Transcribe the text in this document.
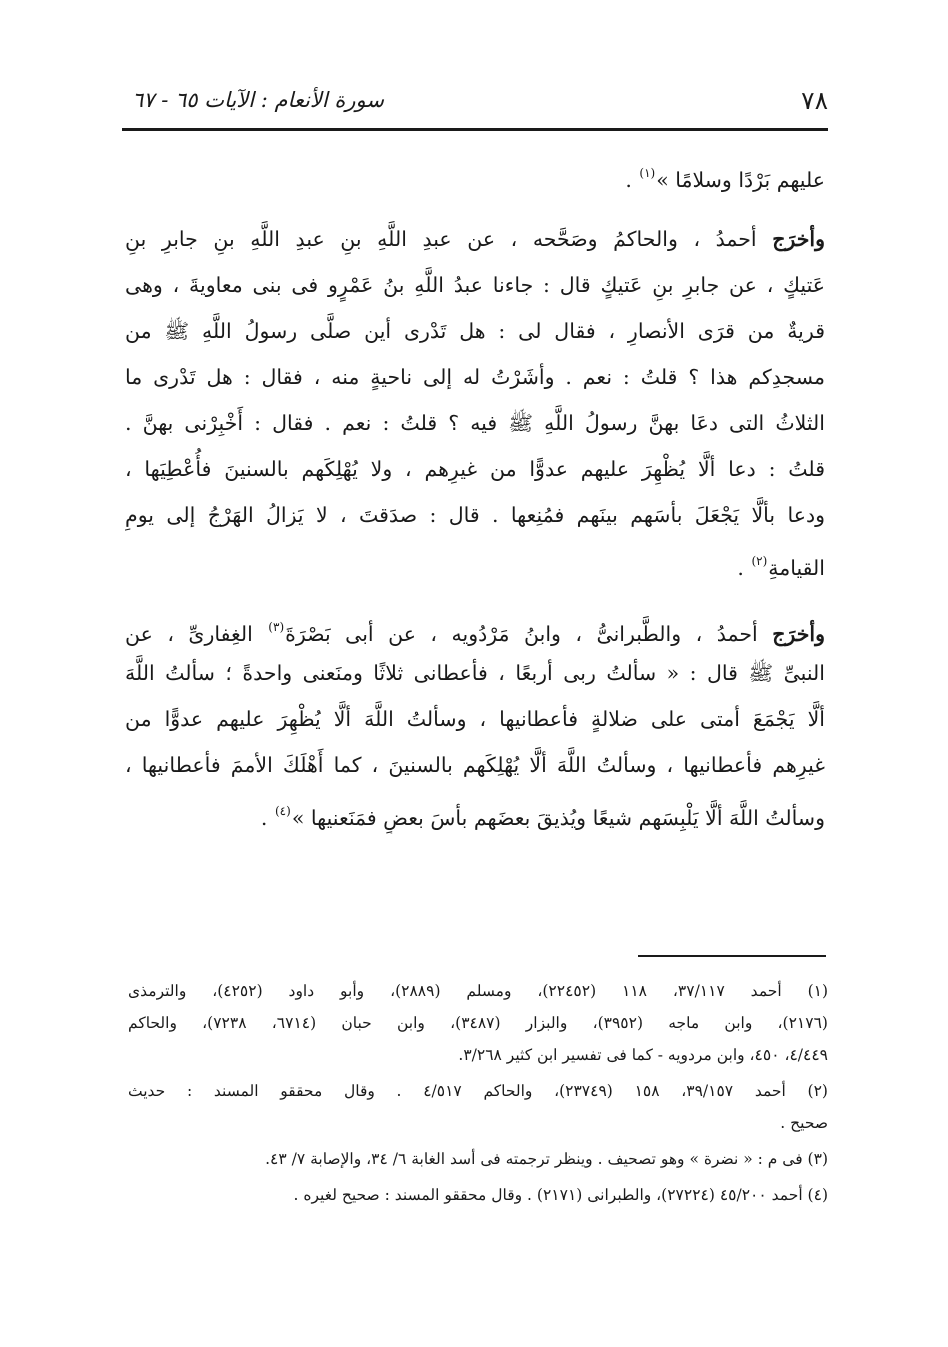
٧٨
سورة الأنعام : الآيات ٦٥ - ٦٧
عليهم بَرْدًا وسلامًا »$^{(١)}$ .
وأخرَج أحمدُ ، والحاكمُ وصَحَّحه ، عن عبدِ اللَّهِ بنِ عبدِ اللَّهِ بنِ جابرِ بنِ
عَتيكٍ ، عن جابرِ بنِ عَتيكٍ قال : جاءنا عبدُ اللَّهِ بنُ عَمْرٍو فى بنى معاويةَ ، وهى
قريةٌ من قرَى الأنصارِ ، فقال لى : هل تَدْرى أين صلَّى رسولُ اللَّهِ ﷺ من
مسجدِكم هذا ؟ قلتُ : نعم . وأشَرْتُ له إلى ناحيةٍ منه ، فقال : هل تَدْرى ما
الثلاثُ التى دعَا بهنَّ رسولُ اللَّهِ ﷺ فيه ؟ قلتُ : نعم . فقال : أَخْبِرْنى بهنَّ .
قلتُ : دعا ألَّا يُظْهِرَ عليهم عدوًّا من غيرِهم ، ولا يُهْلِكَهم بالسنينَ فأُعْطِيَها ،
ودعا بألَّا يَجْعَلَ بأسَهم بينَهم فمُنِعها . قال : صدَقتَ ، لا يَزالُ الهَرْجُ إلى يومِ
القيامةِ$^{(٢)}$ .
وأخرَج أحمدُ ، والطَّبرانىُّ ، وابنُ مَرْدُويه ، عن أبى بَصْرَةَ$^{(٣)}$ الغِفارىِّ ، عن
النبىِّ ﷺ قال : « سألتُ ربى أربعًا ، فأعطانى ثلاثًا ومنَعنى واحدةً ؛ سألتُ اللَّهَ
ألَّا يَجْمَعَ أمتى على ضلالةٍ فأعطانيها ، وسألتُ اللَّهَ ألَّا يُظْهِرَ عليهم عدوًّا من
غيرِهم فأعطانيها ، وسألتُ اللَّهَ ألَّا يُهْلِكَهم بالسنينَ ، كما أَهْلَكَ الأممَ فأعطانيها ،
وسألتُ اللَّهَ ألَّا يَلْبِسَهم شيعًا ويُذيقَ بعضَهم بأسَ بعضٍ فمَنَعنيها »$^{(٤)}$ .
(١) أحمد ٣٧/١١٧، ١١٨ (٢٢٤٥٢)، ومسلم (٢٨٨٩)، وأبو داود (٤٢٥٢)، والترمذى
(٢١٧٦)، وابن ماجه (٣٩٥٢)، والبزار (٣٤٨٧)، وابن حبان (٦٧١٤، ٧٢٣٨)، والحاكم
٤/٤٤٩، ٤٥٠، وابن مردويه - كما فى تفسير ابن كثير ٣/٢٦٨.
(٢) أحمد ٣٩/١٥٧، ١٥٨ (٢٣٧٤٩)، والحاكم ٤/٥١٧ . وقال محققو المسند : حديث
صحيح .
(٣) فى م : « نضرة » وهو تصحيف . وينظر ترجمته فى أسد الغابة ٦/ ٣٤، والإصابة ٧/ ٤٣.
(٤) أحمد ٤٥/٢٠٠ (٢٧٢٢٤)، والطبرانى (٢١٧١) . وقال محققو المسند : صحيح لغيره .
